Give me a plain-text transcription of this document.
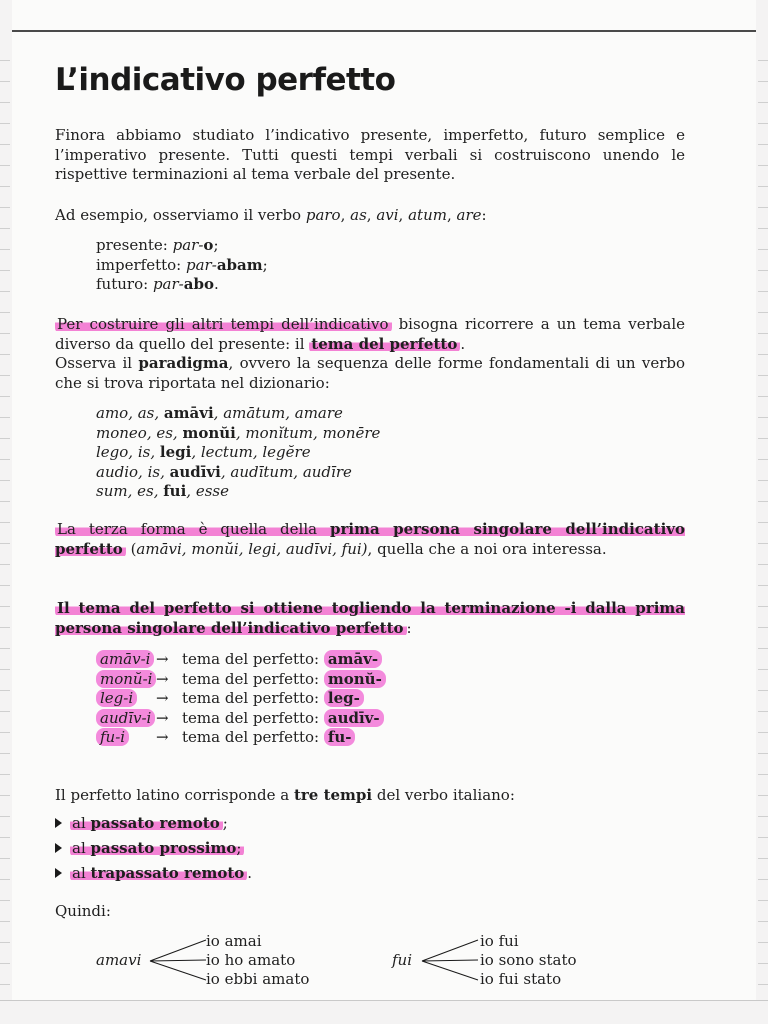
L’indicativo perfetto

Finora abbiamo studiato l’indicativo presente, imperfetto, futuro semplice e l’imperativo presente. Tutti questi tempi verbali si costruiscono unendo le rispettive terminazioni al tema verbale del presente.

Ad esempio, osserviamo il verbo paro, as, avi, atum, are:

presente: par-o;
imperfetto: par-abam;
futuro: par-abo.

Per costruire gli altri tempi dell’indicativo bisogna ricorrere a un tema verbale diverso da quello del presente: il tema del perfetto .
Osserva il paradigma, ovvero la sequenza delle forme fondamentali di un verbo che si trova riportata nel dizionario:

amo, as, amāvi, amātum, amare
moneo, es, monŭi, monĭtum, monēre
lego, is, legi, lectum, legĕre
audio, is, audīvi, audītum, audīre
sum, es, fui, esse

La terza forma è quella della prima persona singolare dell’indicativo perfetto (amāvi, monŭi, legi, audīvi, fui), quella che a noi ora interessa.

Il tema del perfetto si ottiene togliendo la terminazione -i dalla prima persona singolare dell’indicativo perfetto :

amāv-i → tema del perfetto: amāv-
monŭ-i → tema del perfetto: monŭ-
leg-i → tema del perfetto: leg-
audīv-i → tema del perfetto: audīv-
fu-i → tema del perfetto: fu-

Il perfetto latino corrisponde a tre tempi del verbo italiano:

al passato remoto ;
al passato prossimo;
al trapassato remoto .

Quindi:

amavi
io amai
io ho amato
io ebbi amato
fui
io fui
io sono stato
io fui stato
